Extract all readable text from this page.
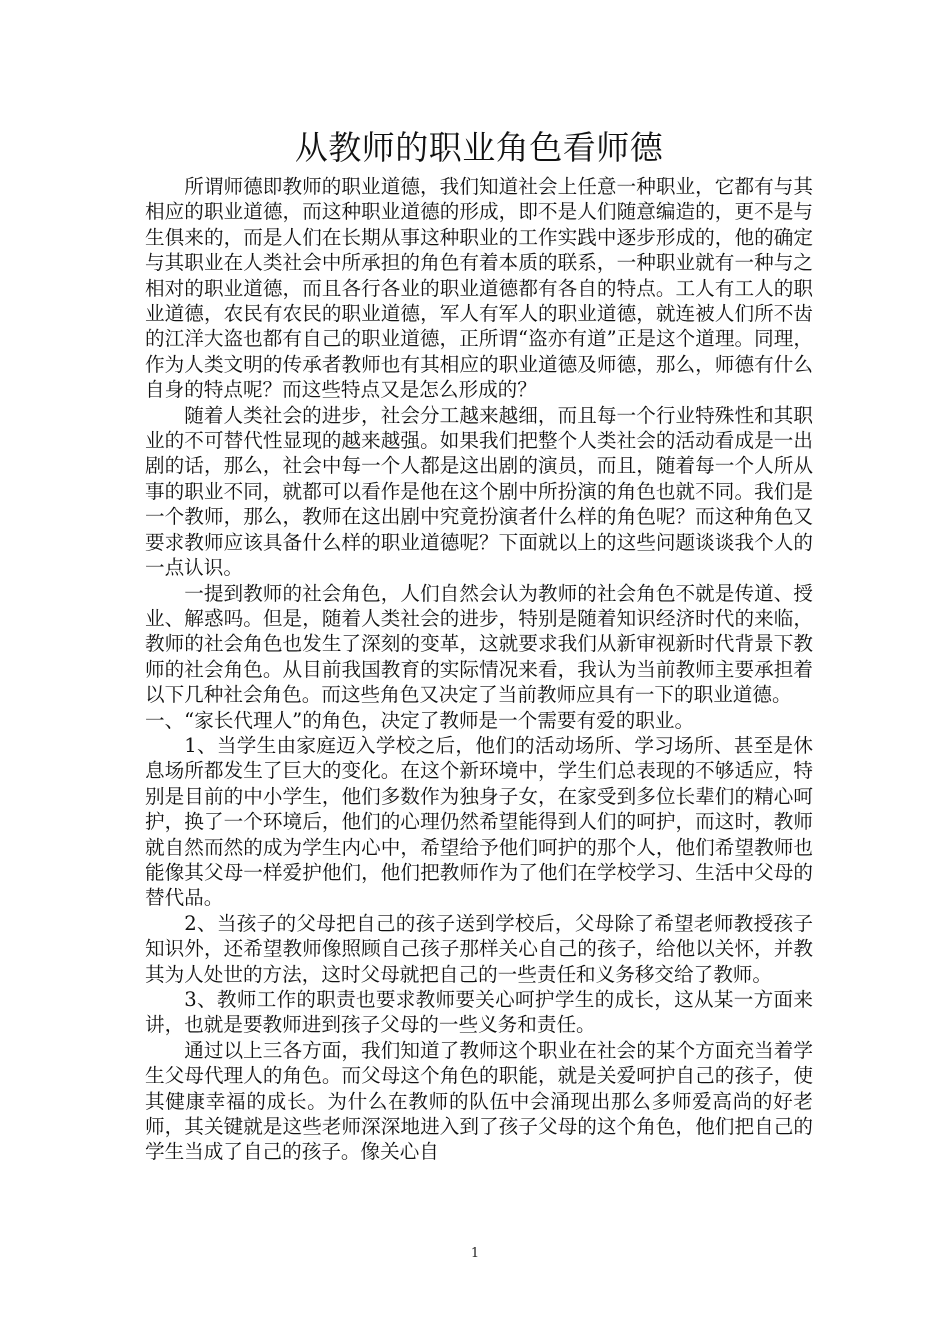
从教师的职业角色看师德

所谓师德即教师的职业道德，我们知道社会上任意一种职业，它都有与其相应的职业道德，而这种职业道德的形成，即不是人们随意编造的，更不是与生俱来的，而是人们在长期从事这种职业的工作实践中逐步形成的，他的确定与其职业在人类社会中所承担的角色有着本质的联系，一种职业就有一种与之相对的职业道德，而且各行各业的职业道德都有各自的特点。工人有工人的职业道德，农民有农民的职业道德，军人有军人的职业道德，就连被人们所不齿的江洋大盗也都有自己的职业道德，正所谓“盗亦有道”正是这个道理。同理，作为人类文明的传承者教师也有其相应的职业道德及师德，那么，师德有什么自身的特点呢？而这些特点又是怎么形成的？

随着人类社会的进步，社会分工越来越细，而且每一个行业特殊性和其职业的不可替代性显现的越来越强。如果我们把整个人类社会的活动看成是一出剧的话，那么，社会中每一个人都是这出剧的演员，而且，随着每一个人所从事的职业不同，就都可以看作是他在这个剧中所扮演的角色也就不同。我们是一个教师，那么，教师在这出剧中究竟扮演者什么样的角色呢？而这种角色又要求教师应该具备什么样的职业道德呢？下面就以上的这些问题谈谈我个人的一点认识。

一提到教师的社会角色，人们自然会认为教师的社会角色不就是传道、授业、解惑吗。但是，随着人类社会的进步，特别是随着知识经济时代的来临，教师的社会角色也发生了深刻的变革，这就要求我们从新审视新时代背景下教师的社会角色。从目前我国教育的实际情况来看，我认为当前教师主要承担着以下几种社会角色。而这些角色又决定了当前教师应具有一下的职业道德。

一、“家长代理人”的角色，决定了教师是一个需要有爱的职业。

1、当学生由家庭迈入学校之后，他们的活动场所、学习场所、甚至是休息场所都发生了巨大的变化。在这个新环境中，学生们总表现的不够适应，特别是目前的中小学生，他们多数作为独身子女，在家受到多位长辈们的精心呵护，换了一个环境后，他们的心理仍然希望能得到人们的呵护，而这时，教师就自然而然的成为学生内心中，希望给予他们呵护的那个人，他们希望教师也能像其父母一样爱护他们，他们把教师作为了他们在学校学习、生活中父母的替代品。

2、当孩子的父母把自己的孩子送到学校后，父母除了希望老师教授孩子知识外，还希望教师像照顾自己孩子那样关心自己的孩子，给他以关怀，并教其为人处世的方法，这时父母就把自己的一些责任和义务移交给了教师。

3、教师工作的职责也要求教师要关心呵护学生的成长，这从某一方面来讲，也就是要教师进到孩子父母的一些义务和责任。

通过以上三各方面，我们知道了教师这个职业在社会的某个方面充当着学生父母代理人的角色。而父母这个角色的职能，就是关爱呵护自己的孩子，使其健康幸福的成长。为什么在教师的队伍中会涌现出那么多师爱高尚的好老师，其关键就是这些老师深深地进入到了孩子父母的这个角色，他们把自己的学生当成了自己的孩子。像关心自

1
